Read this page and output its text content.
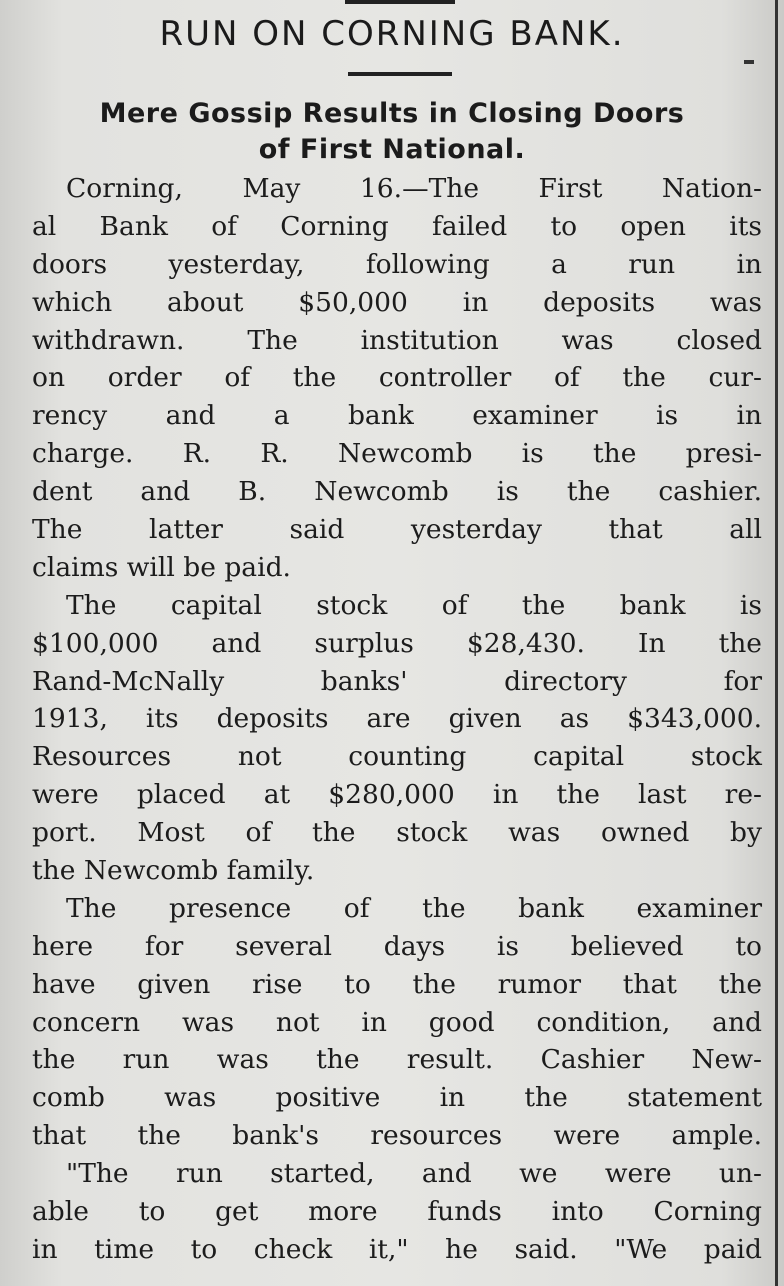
RUN ON CORNING BANK.
Mere Gossip Results in Closing Doors
of First National.
Corning, May 16.—The First Nation-
al Bank of Corning failed to open its
doors yesterday, following a run in
which about $50,000 in deposits was
withdrawn. The institution was closed
on order of the controller of the cur-
rency and a bank examiner is in
charge. R. R. Newcomb is the presi-
dent and B. Newcomb is the cashier.
The latter said yesterday that all
claims will be paid.
The capital stock of the bank is
$100,000 and surplus $28,430. In the
Rand-McNally banks' directory for
1913, its deposits are given as $343,000.
Resources not counting capital stock
were placed at $280,000 in the last re-
port. Most of the stock was owned by
the Newcomb family.
The presence of the bank examiner
here for several days is believed to
have given rise to the rumor that the
concern was not in good condition, and
the run was the result. Cashier New-
comb was positive in the statement
that the bank's resources were ample.
"The run started, and we were un-
able to get more funds into Corning
in time to check it," he said. "We paid
